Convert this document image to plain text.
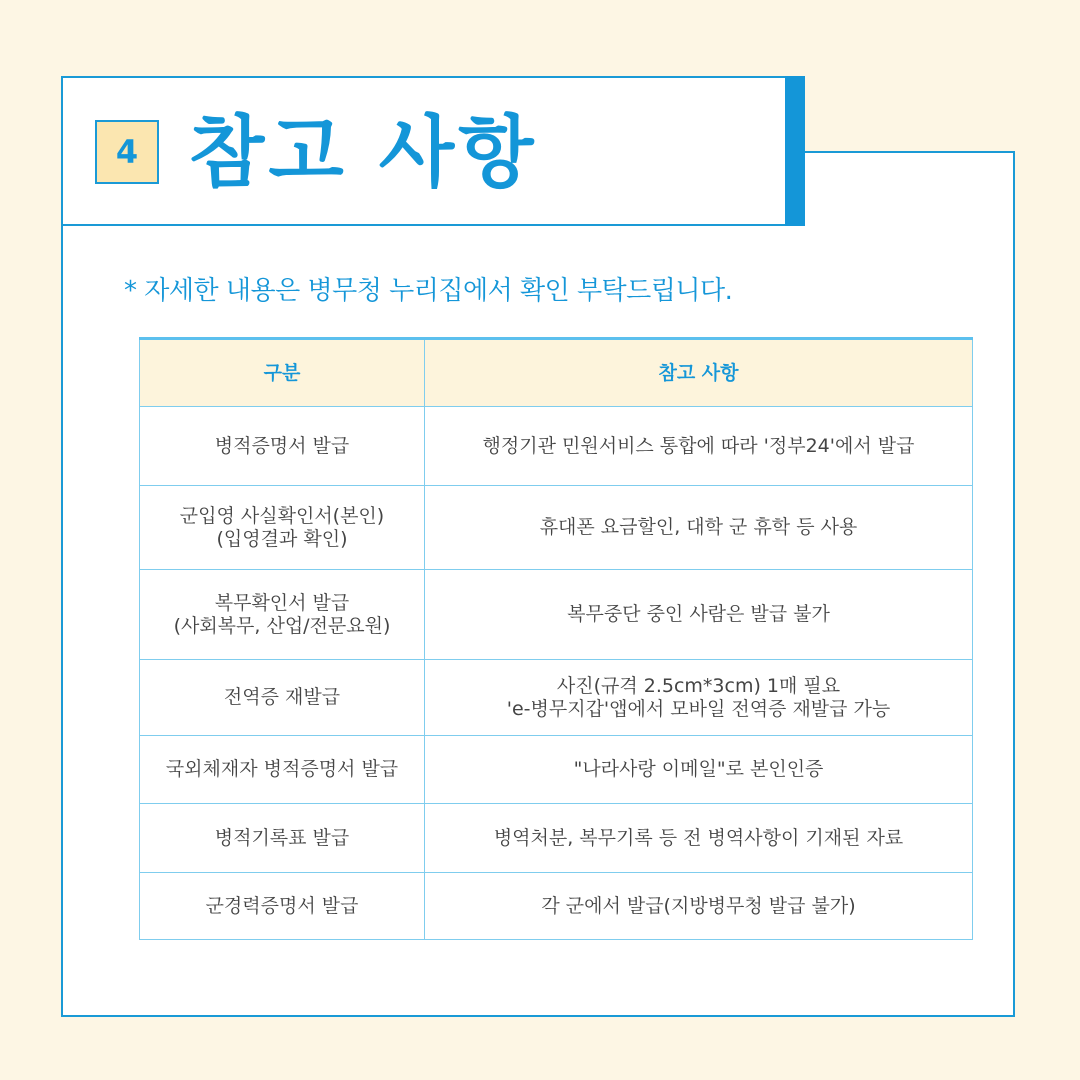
4 참고 사항
* 자세한 내용은 병무청 누리집에서 확인 부탁드립니다.
구분	참고 사항

병적증명서 발급	행정기관 민원서비스 통합에 따라 '정부24'에서 발급

군입영 사실확인서(본인)
(입영결과 확인)	휴대폰 요금할인, 대학 군 휴학 등 사용

복무확인서 발급
(사회복무, 산업/전문요원)	복무중단 중인 사람은 발급 불가

전역증 재발급	사진(규격 2.5cm*3cm) 1매 필요
'e-병무지갑'앱에서 모바일 전역증 재발급 가능

국외체재자 병적증명서 발급	"나라사랑 이메일"로 본인인증

병적기록표 발급	병역처분, 복무기록 등 전 병역사항이 기재된 자료

군경력증명서 발급	각 군에서 발급(지방병무청 발급 불가)
